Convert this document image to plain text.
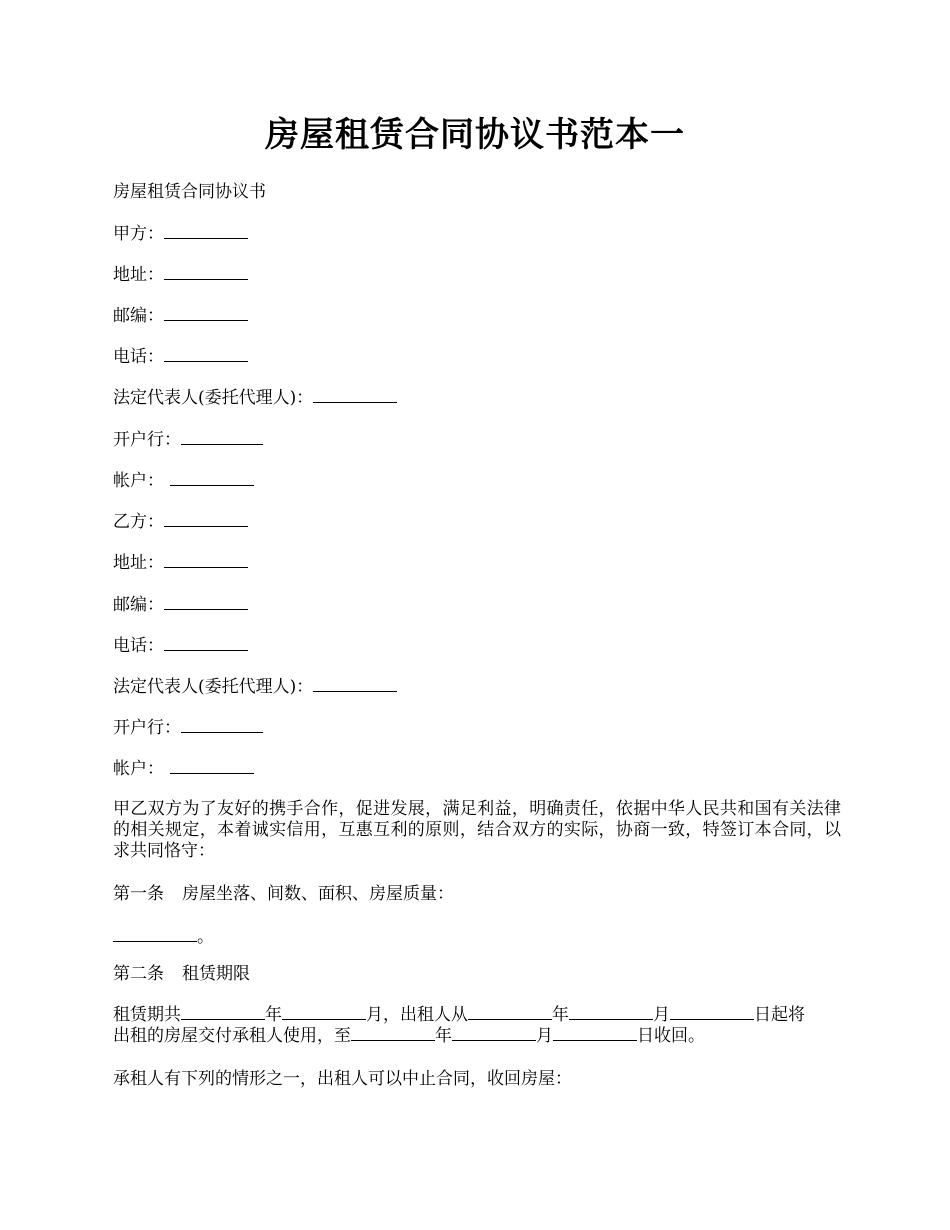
房屋租赁合同协议书范本一
房屋租赁合同协议书
甲方：
地址：
邮编：
电话：
法定代表人(委托代理人)：
开户行：
帐户：
乙方：
地址：
邮编：
电话：
法定代表人(委托代理人)：
开户行：
帐户：
甲乙双方为了友好的携手合作，促进发展，满足利益，明确责任，依据中华人民共和国有关法律的相关规定，本着诚实信用，互惠互利的原则，结合双方的实际，协商一致，特签订本合同，以求共同恪守：
第一条 房屋坐落、间数、面积、房屋质量：
。
第二条 租赁期限
租赁期共	年	月，出租人从	年	月	日起将
出租的房屋交付承租人使用，至	年	月	日收回。
承租人有下列的情形之一，出租人可以中止合同，收回房屋：
